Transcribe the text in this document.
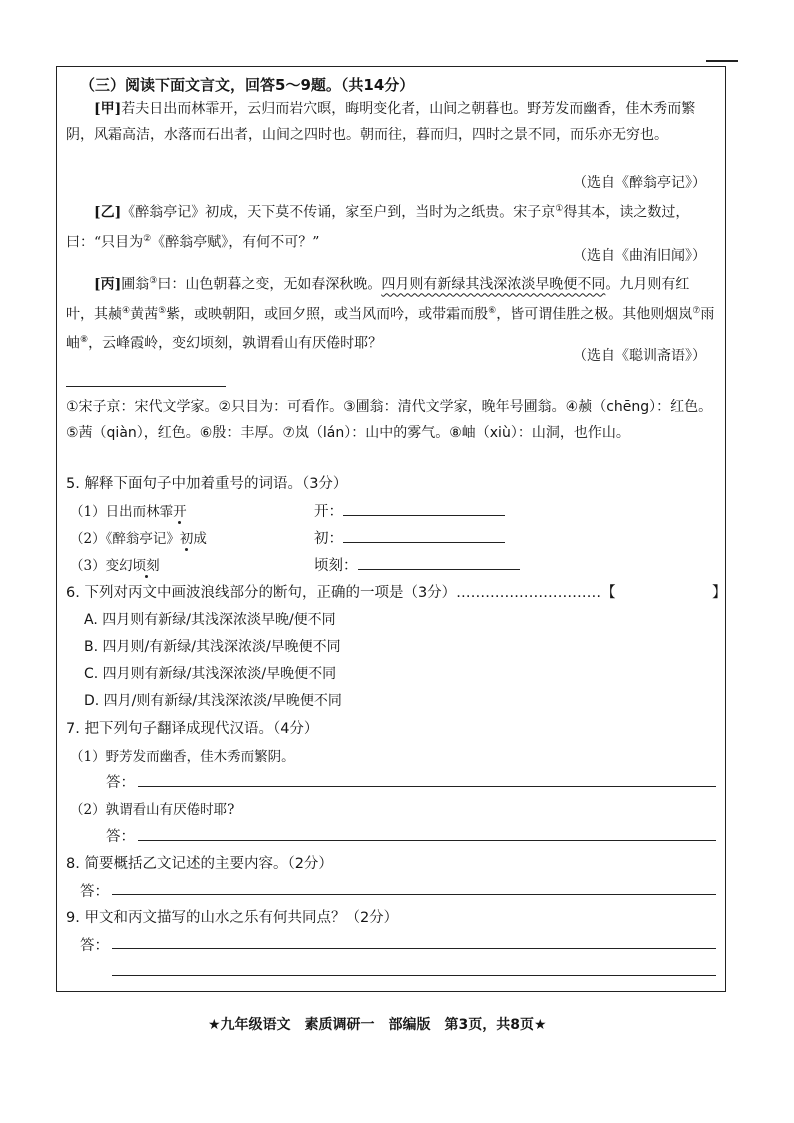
（三）阅读下面文言文，回答5～9题。（共14分）
[甲]若夫日出而林霏开，云归而岩穴暝，晦明变化者，山间之朝暮也。野芳发而幽香，佳木秀而繁阴，风霜高洁，水落而石出者，山间之四时也。朝而往，暮而归，四时之景不同，而乐亦无穷也。
（选自《醉翁亭记》）
[乙]《醉翁亭记》初成，天下莫不传诵，家至户到，当时为之纸贵。宋子京①得其本，读之数过，曰：“只目为②《醉翁亭赋》，有何不可？”
（选自《曲洧旧闻》）
[丙]圃翁③曰：山色朝暮之变，无如春深秋晚。四月则有新绿其浅深浓淡早晚便不同。九月则有红叶，其赪④黄茜⑤紫，或映朝阳，或回夕照，或当风而吟，或带霜而殷⑥，皆可谓佳胜之极。其他则烟岚⑦雨岫⑧，云峰霞岭，变幻顷刻，孰谓看山有厌倦时耶？
（选自《聪训斋语》）
①宋子京：宋代文学家。②只目为：可看作。③圃翁：清代文学家，晚年号圃翁。④赪（chēng）：红色。⑤茜（qiàn），红色。⑥殷：丰厚。⑦岚（lán）：山中的雾气。⑧岫（xiù）：山洞，也作山。
5. 解释下面句子中加着重号的词语。（3分）
（1）日出而林霏开	开：
（2）《醉翁亭记》初成	初：
（3）变幻顷刻	顷刻：
6. 下列对丙文中画波浪线部分的断句，正确的一项是（3分）…………………………【	】
A. 四月则有新绿/其浅深浓淡早晚/便不同
B. 四月则/有新绿/其浅深浓淡/早晚便不同
C. 四月则有新绿/其浅深浓淡/早晚便不同
D. 四月/则有新绿/其浅深浓淡/早晚便不同
7. 把下列句子翻译成现代汉语。（4分）
（1）野芳发而幽香，佳木秀而繁阴。
答：
（2）孰谓看山有厌倦时耶?
答：
8. 简要概括乙文记述的主要内容。（2分）
答：
9. 甲文和丙文描写的山水之乐有何共同点？（2分）
答：
★九年级语文　素质调研一　部编版　第3页，共8页★
